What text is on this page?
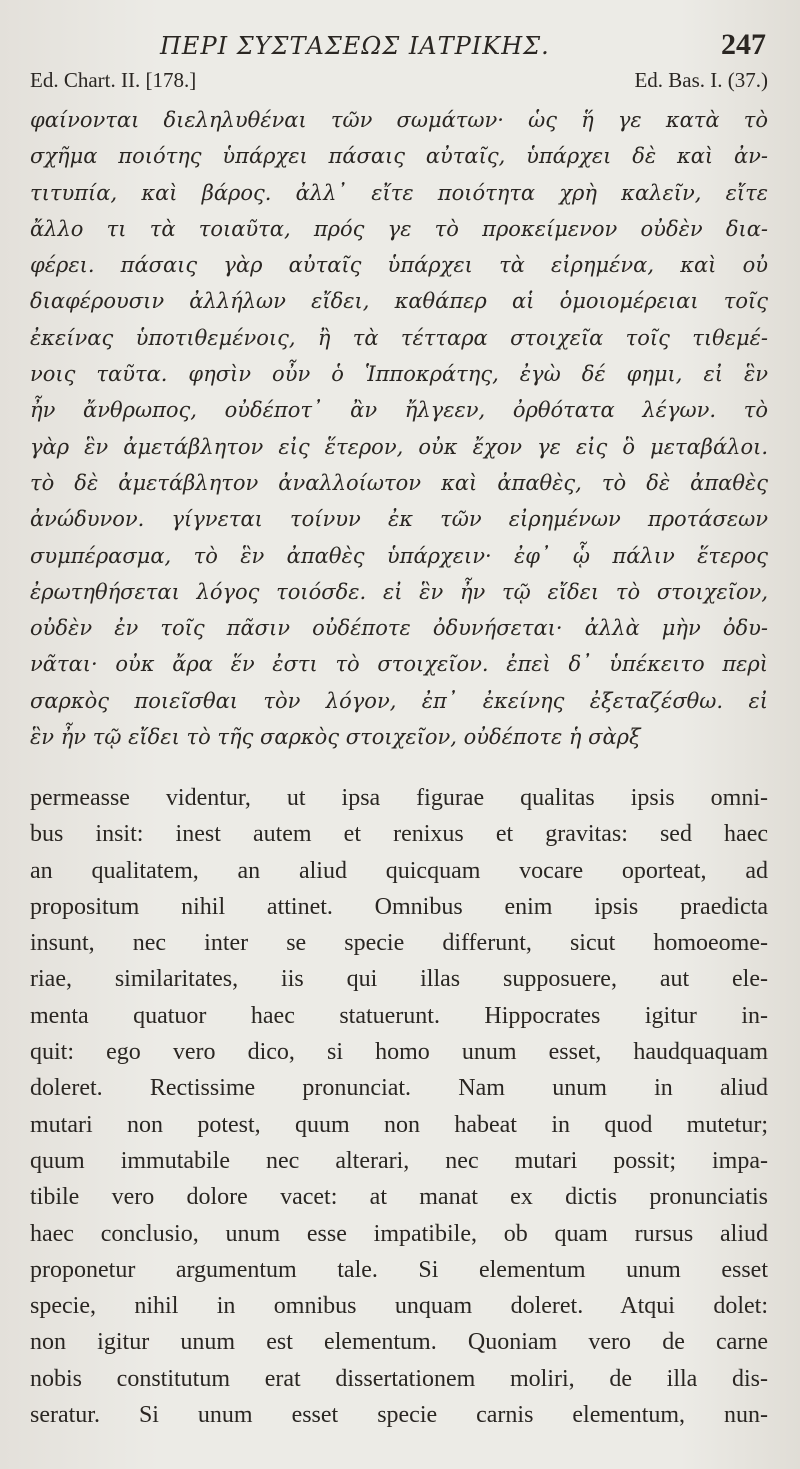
ΠΕΡΙ ΣΥΣΤΑΣΕΩΣ ΙΑΤΡΙΚΗΣ.	247
Ed. Chart. II. [178.]	Ed. Bas. I. (37.)
φαίνονται διεληλυθέναι τῶν σωμάτων· ὡς ἥ γε κατὰ τὸ
σχῆμα ποιότης ὑπάρχει πάσαις αὐταῖς, ὑπάρχει δὲ καὶ ἀν-
τιτυπία, καὶ βάρος. ἀλλ᾽ εἴτε ποιότητα χρὴ καλεῖν, εἴτε
ἄλλο τι τὰ τοιαῦτα, πρός γε τὸ προκείμενον οὐδὲν δια-
φέρει. πάσαις γὰρ αὐταῖς ὑπάρχει τὰ εἰρημένα, καὶ οὐ
διαφέρουσιν ἀλλήλων εἴδει, καθάπερ αἱ ὁμοιομέρειαι τοῖς
ἐκείνας ὑποτιθεμένοις, ἢ τὰ τέτταρα στοιχεῖα τοῖς τιθεμέ-
νοις ταῦτα. φησὶν οὖν ὁ Ἱπποκράτης, ἐγὼ δέ φημι, εἰ ἓν
ἦν ἄνθρωπος, οὐδέποτ᾽ ἂν ἤλγεεν, ὀρθότατα λέγων. τὸ
γὰρ ἓν ἀμετάβλητον εἰς ἕτερον, οὐκ ἔχον γε εἰς ὃ μεταβάλοι.
τὸ δὲ ἀμετάβλητον ἀναλλοίωτον καὶ ἀπαθὲς, τὸ δὲ ἀπαθὲς
ἀνώδυνον. γίγνεται τοίνυν ἐκ τῶν εἰρημένων προτάσεων
συμπέρασμα, τὸ ἓν ἀπαθὲς ὑπάρχειν· ἐφ᾽ ᾧ πάλιν ἕτερος
ἐρωτηθήσεται λόγος τοιόσδε. εἰ ἓν ἦν τῷ εἴδει τὸ στοιχεῖον,
οὐδὲν ἐν τοῖς πᾶσιν οὐδέποτε ὀδυνήσεται· ἀλλὰ μὴν ὀδυ-
νᾶται· οὐκ ἄρα ἕν ἐστι τὸ στοιχεῖον. ἐπεὶ δ᾽ ὑπέκειτο περὶ
σαρκὸς ποιεῖσθαι τὸν λόγον, ἐπ᾽ ἐκείνης ἐξεταζέσθω. εἰ
ἓν ἦν τῷ εἴδει τὸ τῆς σαρκὸς στοιχεῖον, οὐδέποτε ἡ σὰρξ
permeasse videntur, ut ipsa figurae qualitas ipsis omni-
bus insit: inest autem et renixus et gravitas: sed haec
an qualitatem, an aliud quicquam vocare oporteat, ad
propositum nihil attinet. Omnibus enim ipsis praedicta
insunt, nec inter se specie differunt, sicut homoeome-
riae, similaritates, iis qui illas supposuere, aut ele-
menta quatuor haec statuerunt. Hippocrates igitur in-
quit: ego vero dico, si homo unum esset, haudquaquam
doleret. Rectissime pronunciat. Nam unum in aliud
mutari non potest, quum non habeat in quod mutetur;
quum immutabile nec alterari, nec mutari possit; impa-
tibile vero dolore vacet: at manat ex dictis pronunciatis
haec conclusio, unum esse impatibile, ob quam rursus aliud
proponetur argumentum tale. Si elementum unum esset
specie, nihil in omnibus unquam doleret. Atqui dolet:
non igitur unum est elementum. Quoniam vero de carne
nobis constitutum erat dissertationem moliri, de illa dis-
seratur. Si unum esset specie carnis elementum, nun-
